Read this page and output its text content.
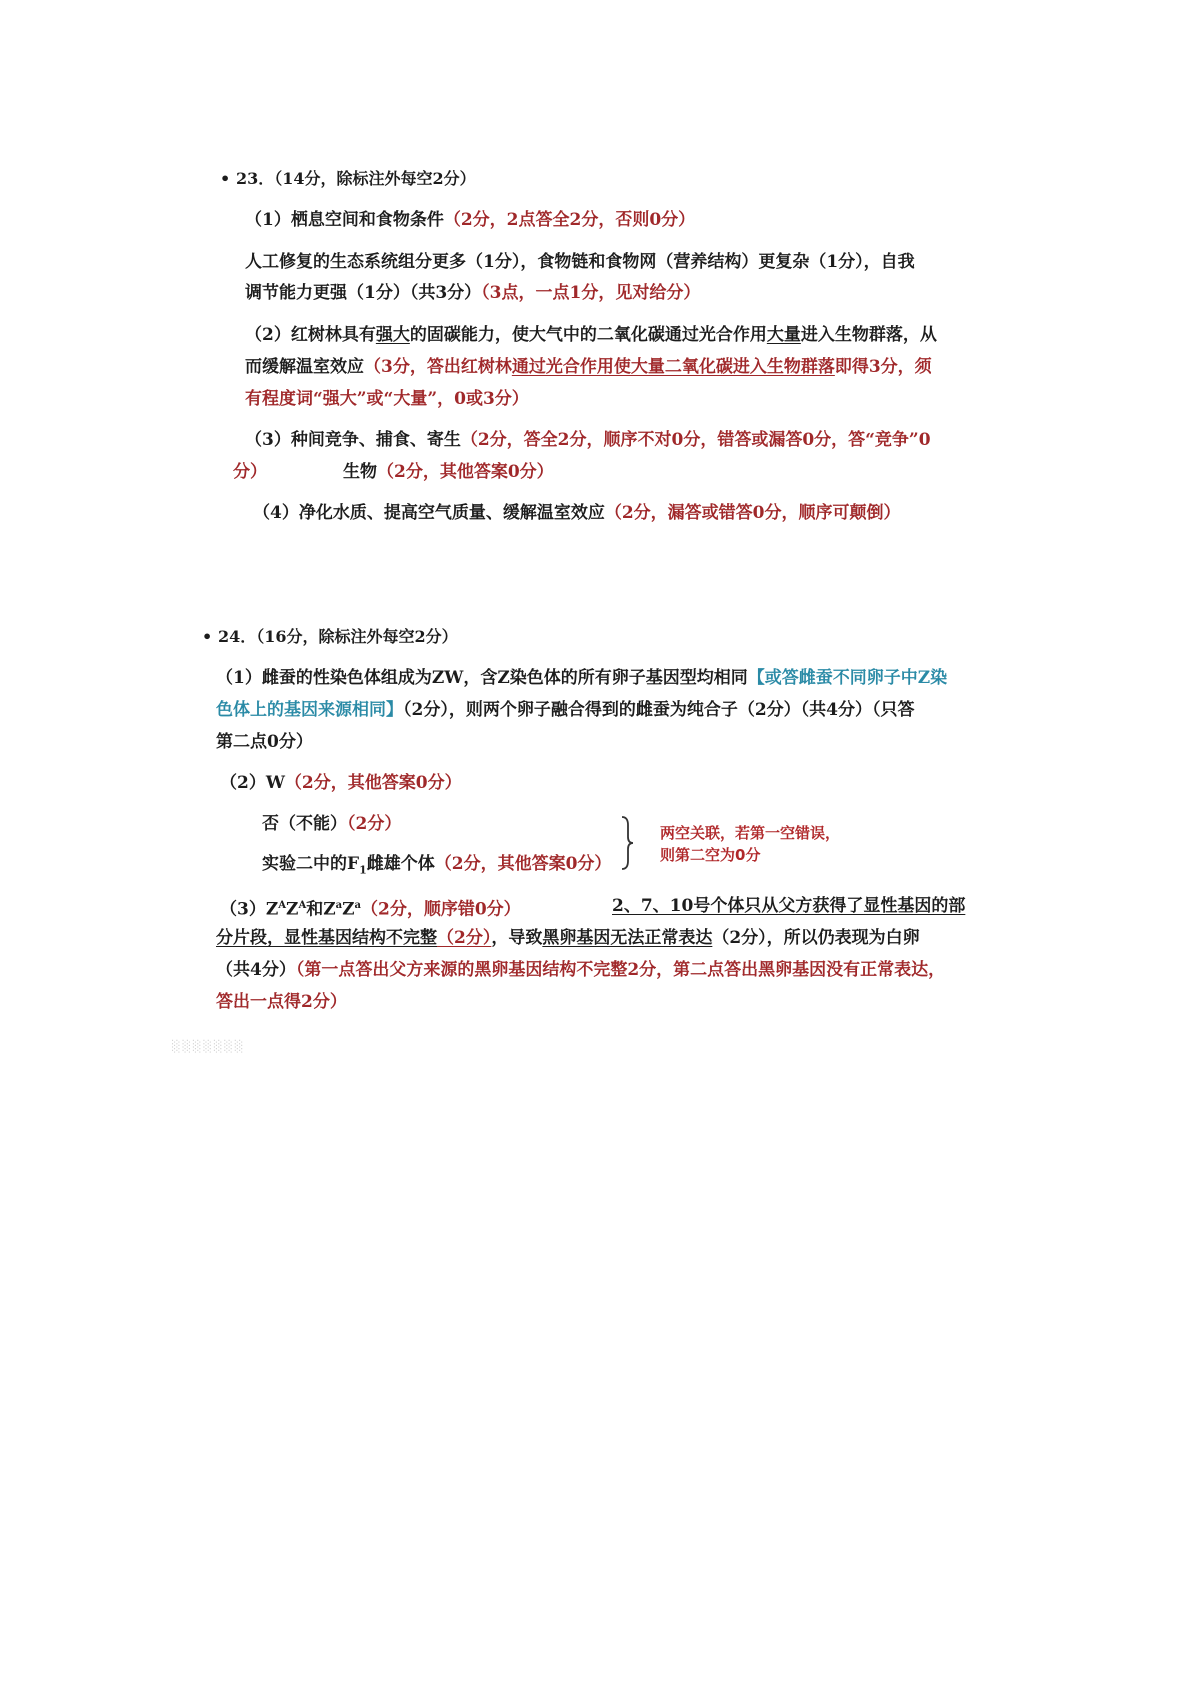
• 23．（14分，除标注外每空2分）
（1）栖息空间和食物条件（2分，2点答全2分，否则0分）
人工修复的生态系统组分更多（1分），食物链和食物网（营养结构）更复杂（1分），自我
调节能力更强（1分）（共3分）（3点，一点1分，见对给分）
（2）红树林具有强大的固碳能力，使大气中的二氧化碳通过光合作用大量进入生物群落，从
而缓解温室效应（3分，答出红树林通过光合作用使大量二氧化碳进入生物群落即得3分，须
有程度词“强大”或“大量”，0或3分）
（3）种间竞争、捕食、寄生（2分，答全2分，顺序不对0分，错答或漏答0分，答“竞争”0
分）	生物（2分，其他答案0分）
（4）净化水质、提高空气质量、缓解温室效应（2分，漏答或错答0分，顺序可颠倒）
• 24．（16分，除标注外每空2分）
（1）雌蚕的性染色体组成为ZW，含Z染色体的所有卵子基因型均相同【或答雌蚕不同卵子中Z染
色体上的基因来源相同】（2分），则两个卵子融合得到的雌蚕为纯合子（2分）（共4分）（只答
第二点0分）
（2）W（2分，其他答案0分）
否（不能）（2分）
实验二中的$F_1$雌雄个体（2分，其他答案0分）
两空关联，若第一空错误，
则第二空为0分
$(3)Z^AZ^A$和$Z^aZ^a(2$分，顺序错0分）	2、7、10号个体只从父方获得了显性基因的部
分片段，显性基因结构不完整（2分），导致黑卵基因无法正常表达（2分），所以仍表现为白卵
（共4分）（第一点答出父方来源的黑卵基因结构不完整2分，第二点答出黑卵基因没有正常表达，
答出一点得2分）
░░░░░░░
